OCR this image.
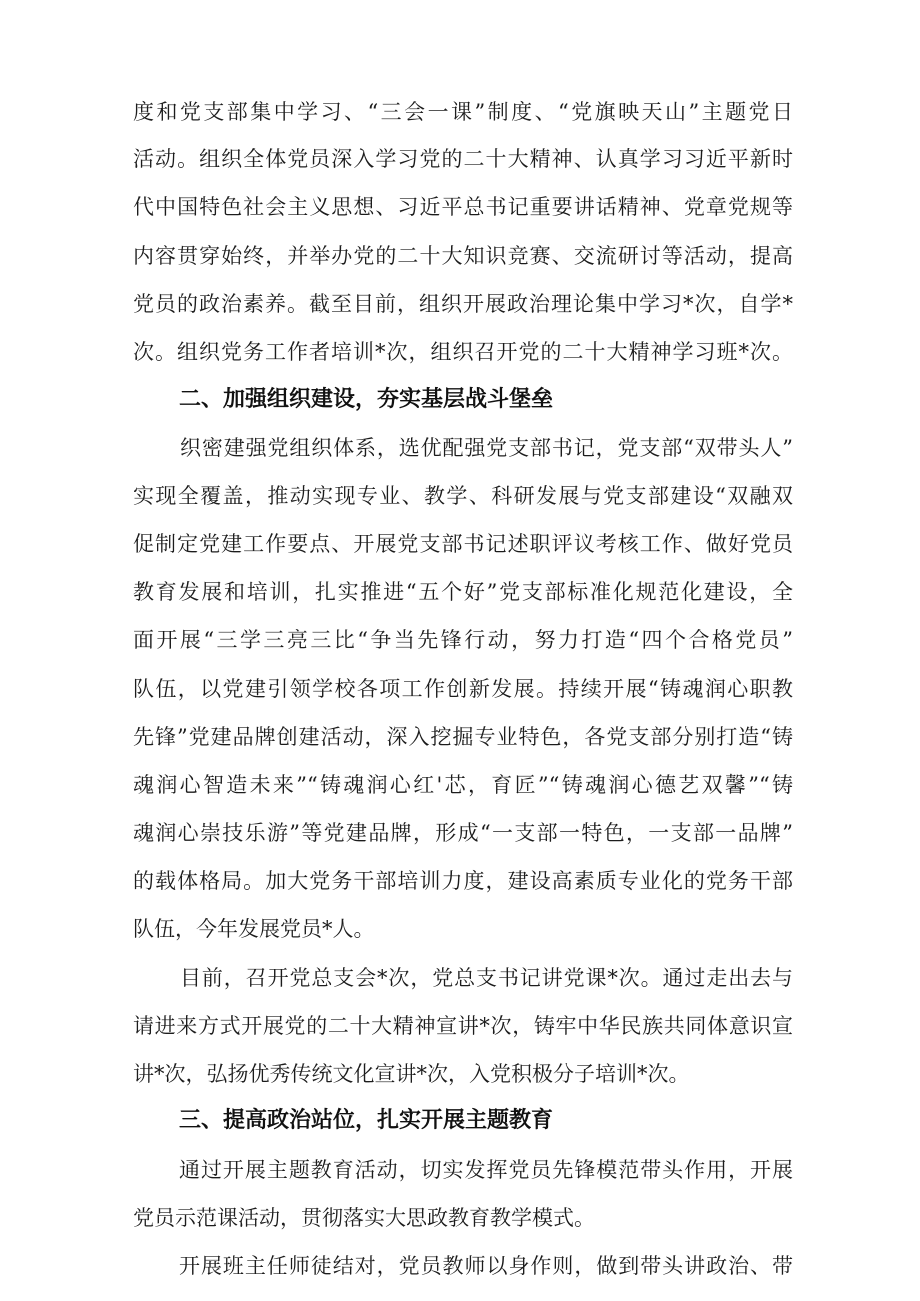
度和党支部集中学习、“三会一课”制度、“党旗映天山”主题党日
活动。组织全体党员深入学习党的二十大精神、认真学习习近平新时
代中国特色社会主义思想、习近平总书记重要讲话精神、党章党规等
内容贯穿始终，并举办党的二十大知识竞赛、交流研讨等活动，提高
党员的政治素养。截至目前，组织开展政治理论集中学习*次，自学*
次。组织党务工作者培训*次，组织召开党的二十大精神学习班*次。
二、加强组织建设，夯实基层战斗堡垒
织密建强党组织体系，选优配强党支部书记，党支部“双带头人”
实现全覆盖，推动实现专业、教学、科研发展与党支部建设“双融双
促制定党建工作要点、开展党支部书记述职评议考核工作、做好党员
教育发展和培训，扎实推进“五个好”党支部标准化规范化建设，全
面开展“三学三亮三比“争当先锋行动，努力打造“四个合格党员”
队伍，以党建引领学校各项工作创新发展。持续开展“铸魂润心职教
先锋”党建品牌创建活动，深入挖掘专业特色，各党支部分别打造“铸
魂润心智造未来”“铸魂润心红'芯，育匠”“铸魂润心德艺双馨”“铸
魂润心崇技乐游”等党建品牌，形成“一支部一特色，一支部一品牌”
的载体格局。加大党务干部培训力度，建设高素质专业化的党务干部
队伍，今年发展党员*人。
目前，召开党总支会*次，党总支书记讲党课*次。通过走出去与
请进来方式开展党的二十大精神宣讲*次，铸牢中华民族共同体意识宣
讲*次，弘扬优秀传统文化宣讲*次，入党积极分子培训*次。
三、提高政治站位，扎实开展主题教育
通过开展主题教育活动，切实发挥党员先锋模范带头作用，开展
党员示范课活动，贯彻落实大思政教育教学模式。
开展班主任师徒结对，党员教师以身作则，做到带头讲政治、带
